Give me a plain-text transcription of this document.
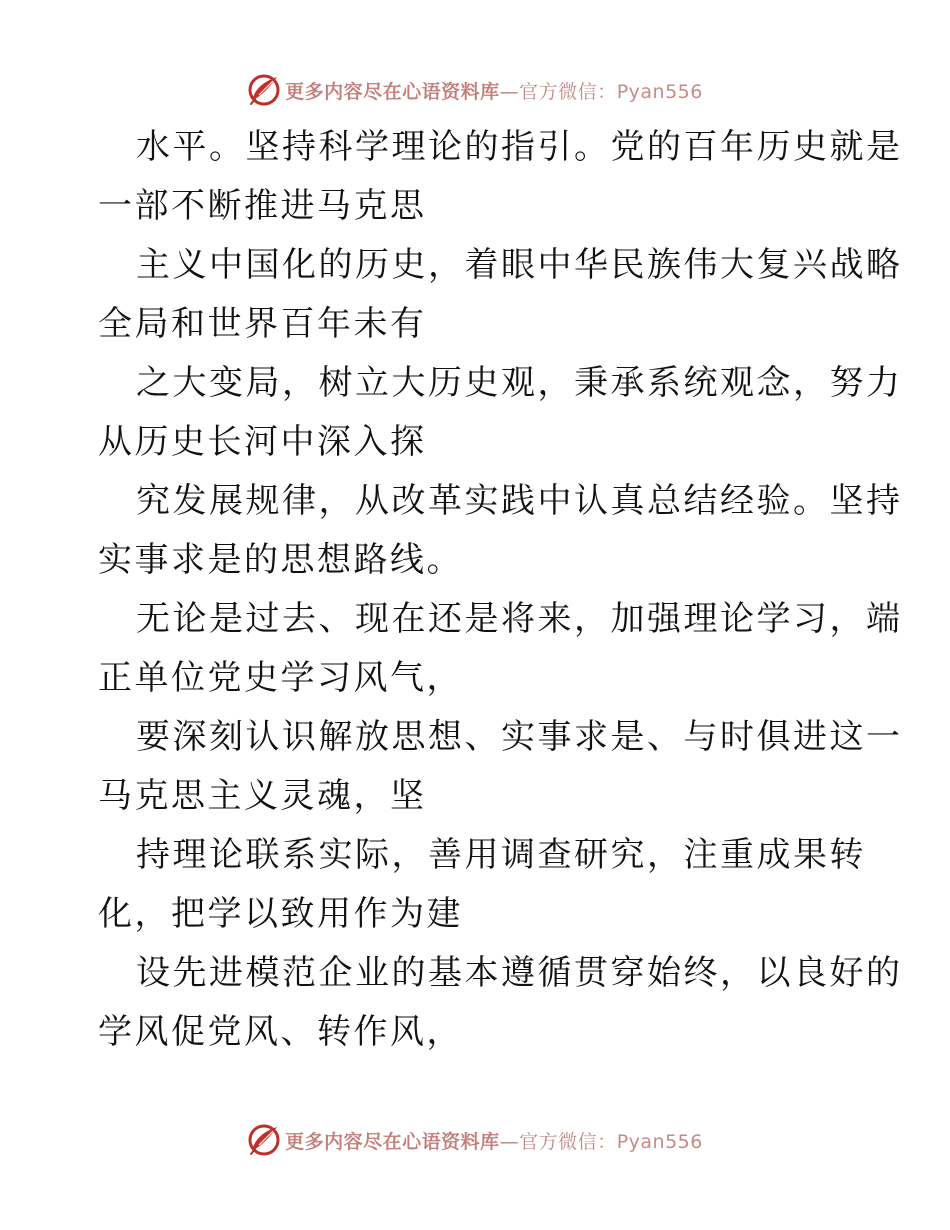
更多内容尽在心语资料库—官方微信：Pyan556

水平。坚持科学理论的指引。党的百年历史就是
一部不断推进马克思

主义中国化的历史，着眼中华民族伟大复兴战略
全局和世界百年未有

之大变局，树立大历史观，秉承系统观念，努力
从历史长河中深入探

究发展规律，从改革实践中认真总结经验。坚持
实事求是的思想路线。

无论是过去、现在还是将来，加强理论学习，端
正单位党史学习风气，

要深刻认识解放思想、实事求是、与时俱进这一
马克思主义灵魂，坚

持理论联系实际，善用调查研究，注重成果转
化，把学以致用作为建

设先进模范企业的基本遵循贯穿始终，以良好的
学风促党风、转作风，

更多内容尽在心语资料库—官方微信：Pyan556
